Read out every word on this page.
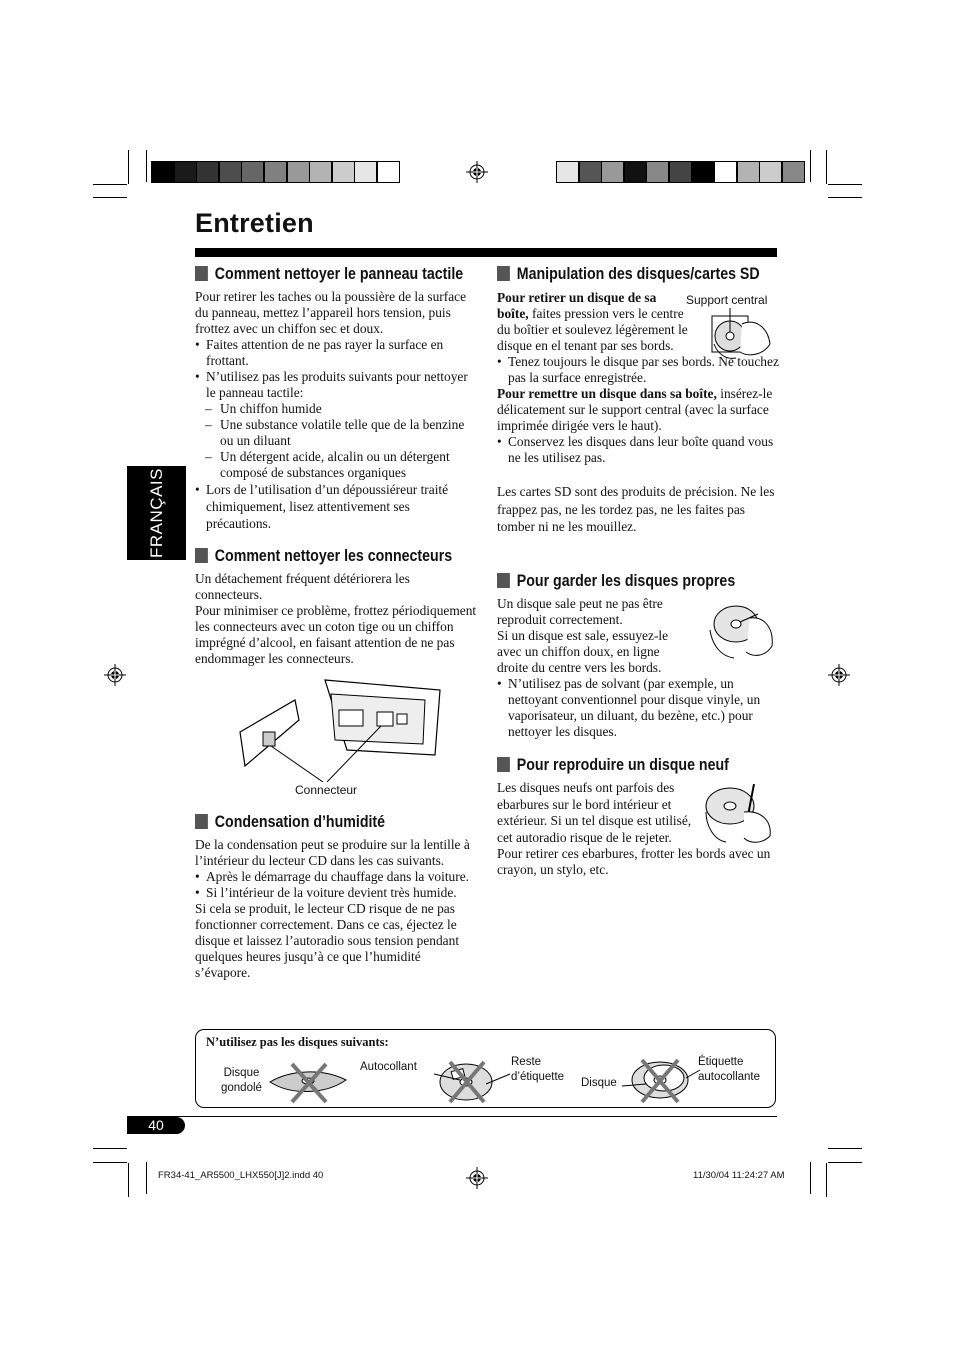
Entretien
FRANÇAIS
Comment nettoyer le panneau tactile

Pour retirer les taches ou la poussière de la surface du panneau, mettez l’appareil hors tension, puis frottez avec un chiffon sec et doux.

• Faites attention de ne pas rayer la surface en frottant.

• N’utilisez pas les produits suivants pour nettoyer le panneau tactile:

– Un chiffon humide

– Une substance volatile telle que de la benzine ou un diluant

– Un détergent acide, alcalin ou un détergent composé de substances organiques

• Lors de l’utilisation d’un dépoussiéreur traité chimiquement, lisez attentivement ses précautions.

Comment nettoyer les connecteurs

Un détachement fréquent détériorera les connecteurs.

Pour minimiser ce problème, frottez périodiquement les connecteurs avec un coton tige ou un chiffon imprégné d’alcool, en faisant attention de ne pas endommager les connecteurs.

Connecteur
Condensation d’humidité

De la condensation peut se produire sur la lentille à l’intérieur du lecteur CD dans les cas suivants.

• Après le démarrage du chauffage dans la voiture.

• Si l’intérieur de la voiture devient très humide.

Si cela se produit, le lecteur CD risque de ne pas fonctionner correctement. Dans ce cas, éjectez le disque et laissez l’autoradio sous tension pendant quelques heures jusqu’à ce que l’humidité s’évapore.

Manipulation des disques/cartes SD
Support central

Pour retirer un disque de sa boîte, faites pression vers le centre du boîtier et soulevez légèrement le disque en el tenant par ses bords.

• Tenez toujours le disque par ses bords. Ne touchez pas la surface enregistrée.

Pour remettre un disque dans sa boîte, insérez-le délicatement sur le support central (avec la surface imprimée dirigée vers le haut).

• Conservez les disques dans leur boîte quand vous ne les utilisez pas.

Les cartes SD sont des produits de précision. Ne les frappez pas, ne les tordez pas, ne les faites pas tomber ni ne les mouillez.

Pour garder les disques propres

Un disque sale peut ne pas être reproduit correctement.

Si un disque est sale, essuyez-le avec un chiffon doux, en ligne droite du centre vers les bords.

• N’utilisez pas de solvant (par exemple, un nettoyant conventionnel pour disque vinyle, un vaporisateur, un diluant, du bezène, etc.) pour nettoyer les disques.

Pour reproduire un disque neuf

Les disques neufs ont parfois des ebarbures sur le bord intérieur et extérieur. Si un tel disque est utilisé, cet autoradio risque de le rejeter.

Pour retirer ces ebarbures, frotter les bords avec un crayon, un stylo, etc.

N’utilisez pas les disques suivants:
Disque
gondolé
Autocollant	Reste
d’étiquette Disque
Étiquette
autocollante
40
FR34-41_AR5500_LHX550[J]2.indd 40	11/30/04 11:24:27 AM
